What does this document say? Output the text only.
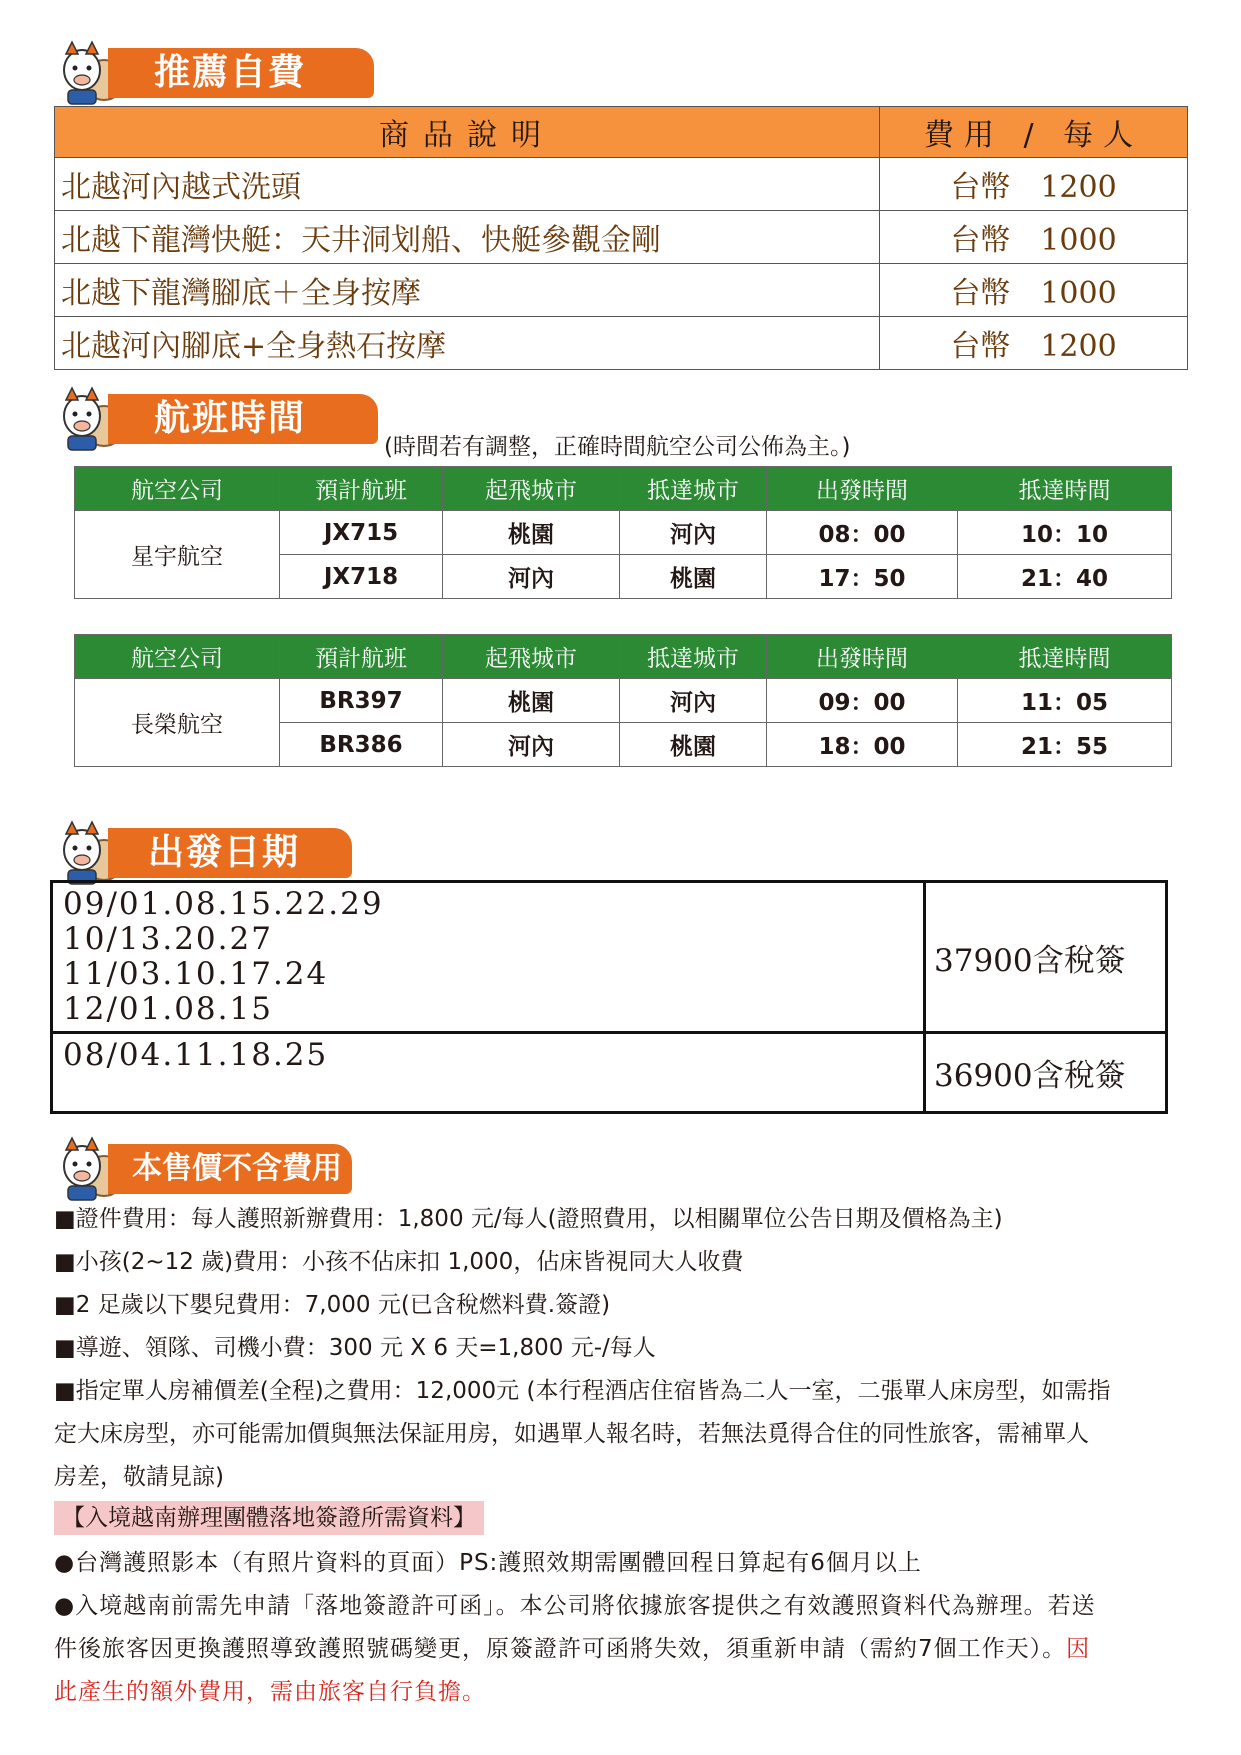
推薦自費
商品說明	費用 / 每人
北越河內越式洗頭	台幣 1200
北越下龍灣快艇：天井洞划船、快艇參觀金剛	台幣 1000
北越下龍灣腳底＋全身按摩	台幣 1000
北越河內腳底+全身熱石按摩	台幣 1200
航班時間
(時間若有調整，正確時間航空公司公佈為主。)
航空公司	預計航班	起飛城市	抵達城市	出發時間	抵達時間
星宇航空	JX715	桃園	河內	08：00	10：10
	JX718	河內	桃園	17：50	21：40
航空公司	預計航班	起飛城市	抵達城市	出發時間	抵達時間
長榮航空	BR397	桃園	河內	09：00	11：05
	BR386	河內	桃園	18：00	21：55
出發日期
09/01.08.15.22.29
10/13.20.27
11/03.10.17.24
12/01.08.15	37900含稅簽

08/04.11.18.25	36900含稅簽
本售價不含費用
■證件費用：每人護照新辦費用：1,800 元/每人(證照費用，以相關單位公告日期及價格為主)
■小孩(2~12 歲)費用：小孩不佔床扣 1,000，佔床皆視同大人收費
■2 足歲以下嬰兒費用：7,000 元(已含稅燃料費.簽證)
■導遊、領隊、司機小費：300 元 X 6 天=1,800 元-/每人
■指定單人房補價差(全程)之費用：12,000元 (本行程酒店住宿皆為二人一室，二張單人床房型，如需指
定大床房型，亦可能需加價與無法保証用房，如遇單人報名時，若無法覓得合住的同性旅客，需補單人
房差，敬請見諒)
【入境越南辦理團體落地簽證所需資料】
●台灣護照影本（有照片資料的頁面）PS:護照效期需團體回程日算起有6個月以上
●入境越南前需先申請「落地簽證許可函」。本公司將依據旅客提供之有效護照資料代為辦理。若送
件後旅客因更換護照導致護照號碼變更，原簽證許可函將失效，須重新申請（需約7個工作天）。因
此產生的額外費用，需由旅客自行負擔。
